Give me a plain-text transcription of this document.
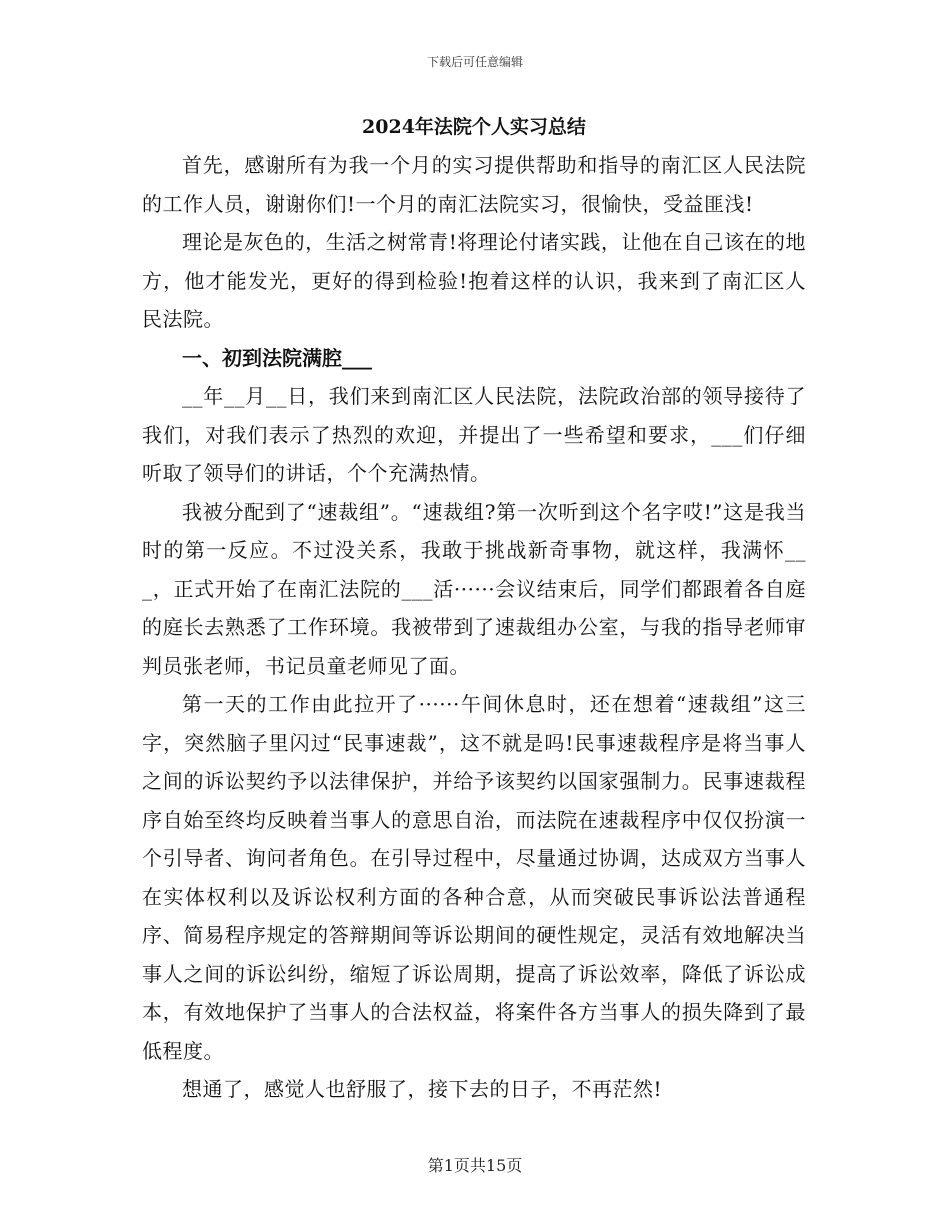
下载后可任意编辑
2024年法院个人实习总结

首先，感谢所有为我一个月的实习提供帮助和指导的南汇区人民法院的工作人员，谢谢你们!一个月的南汇法院实习，很愉快，受益匪浅!

理论是灰色的，生活之树常青!将理论付诸实践，让他在自己该在的地方，他才能发光，更好的得到检验!抱着这样的认识，我来到了南汇区人民法院。

一、初到法院满腔___

__年__月__日，我们来到南汇区人民法院，法院政治部的领导接待了我们，对我们表示了热烈的欢迎，并提出了一些希望和要求，___们仔细听取了领导们的讲话，个个充满热情。

我被分配到了“速裁组”。“速裁组?第一次听到这个名字哎!”这是我当时的第一反应。不过没关系，我敢于挑战新奇事物，就这样，我满怀___，正式开始了在南汇法院的___活······会议结束后，同学们都跟着各自庭的庭长去熟悉了工作环境。我被带到了速裁组办公室，与我的指导老师审判员张老师，书记员童老师见了面。

第一天的工作由此拉开了······午间休息时，还在想着“速裁组”这三字，突然脑子里闪过“民事速裁”，这不就是吗!民事速裁程序是将当事人之间的诉讼契约予以法律保护，并给予该契约以国家强制力。民事速裁程序自始至终均反映着当事人的意思自治，而法院在速裁程序中仅仅扮演一个引导者、询问者角色。在引导过程中，尽量通过协调，达成双方当事人在实体权利以及诉讼权利方面的各种合意，从而突破民事诉讼法普通程序、简易程序规定的答辩期间等诉讼期间的硬性规定，灵活有效地解决当事人之间的诉讼纠纷，缩短了诉讼周期，提高了诉讼效率，降低了诉讼成本，有效地保护了当事人的合法权益，将案件各方当事人的损失降到了最低程度。

想通了，感觉人也舒服了，接下去的日子，不再茫然!

第1页共15页
